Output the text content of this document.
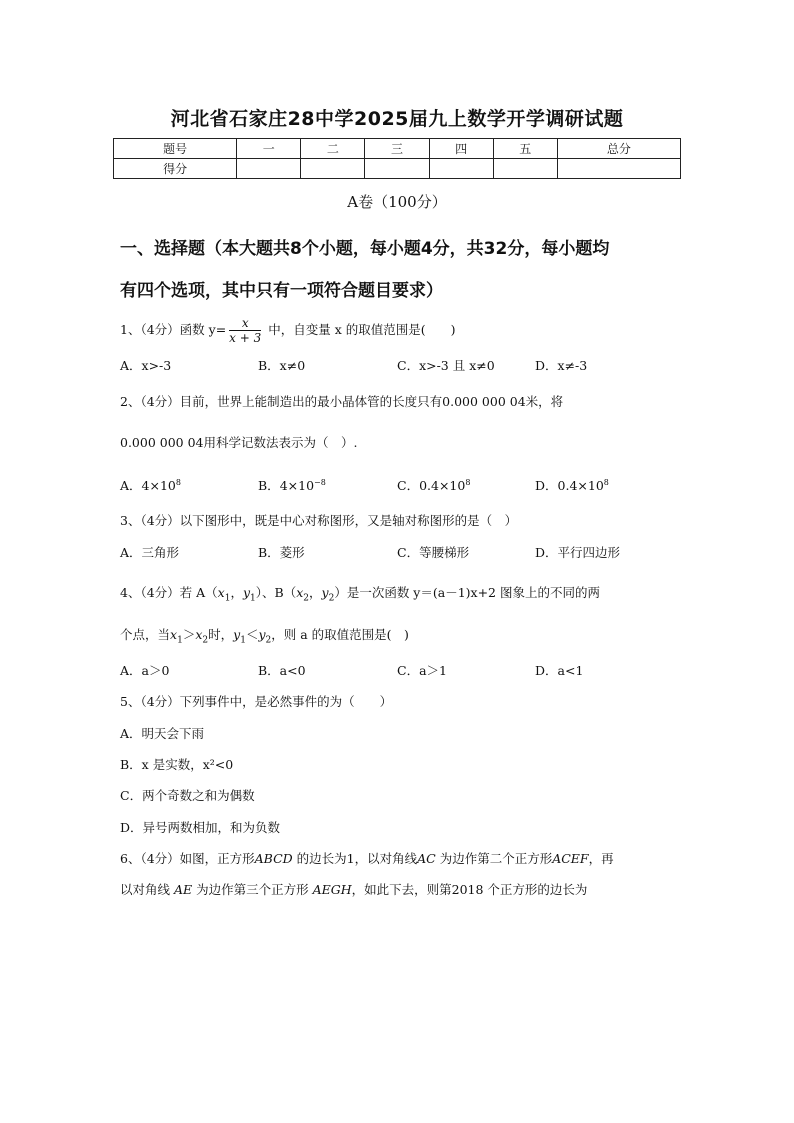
河北省石家庄28中学2025届九上数学开学调研试题
题号	一	二	三	四	五	总分
得分						
A卷（100分）
一、选择题（本大题共8个小题，每小题4分，共32分，每小题均
有四个选项，其中只有一项符合题目要求）
1、（4分）函数 $y= \frac{x}{x + 3}$ 中，自变量 x 的取值范围是(　　)
A．x>-3	B．x≠0	C．x>-3 且 x≠0	D．x≠-3
2、（4分）目前，世界上能制造出的最小晶体管的长度只有0.000 000 04米，将
0.000 000 04用科学记数法表示为（　）.
A．$4\times 10^8$	B．$4\times 10^{-8}$	C．$0.4\times 10^8$	D．$0.4\times 10^8$
3、（4分）以下图形中，既是中心对称图形，又是轴对称图形的是（　）
A．三角形	B．菱形	C．等腰梯形	D．平行四边形
4、（4分）若 $A(x_1$，$y_1$）、$B(x_2$，$y_2$）是一次函数 y＝(a－1)x+2 图象上的不同的两
个点，当$x_1>x_2$时，$y_1<y_2$，则 a 的取值范围是(　)
A．a＞0	B．a<0	C．a＞1	D．a<1
5、（4分）下列事件中，是必然事件的为（　　）
A．明天会下雨
B．x 是实数，x²<0
C．两个奇数之和为偶数
D．异号两数相加，和为负数
6、（4分）如图，正方形ABCD 的边长为1，以对角线AC 为边作第二个正方形ACEF，再
以对角线 AE 为边作第三个正方形 AEGH，如此下去，则第2018 个正方形的边长为
